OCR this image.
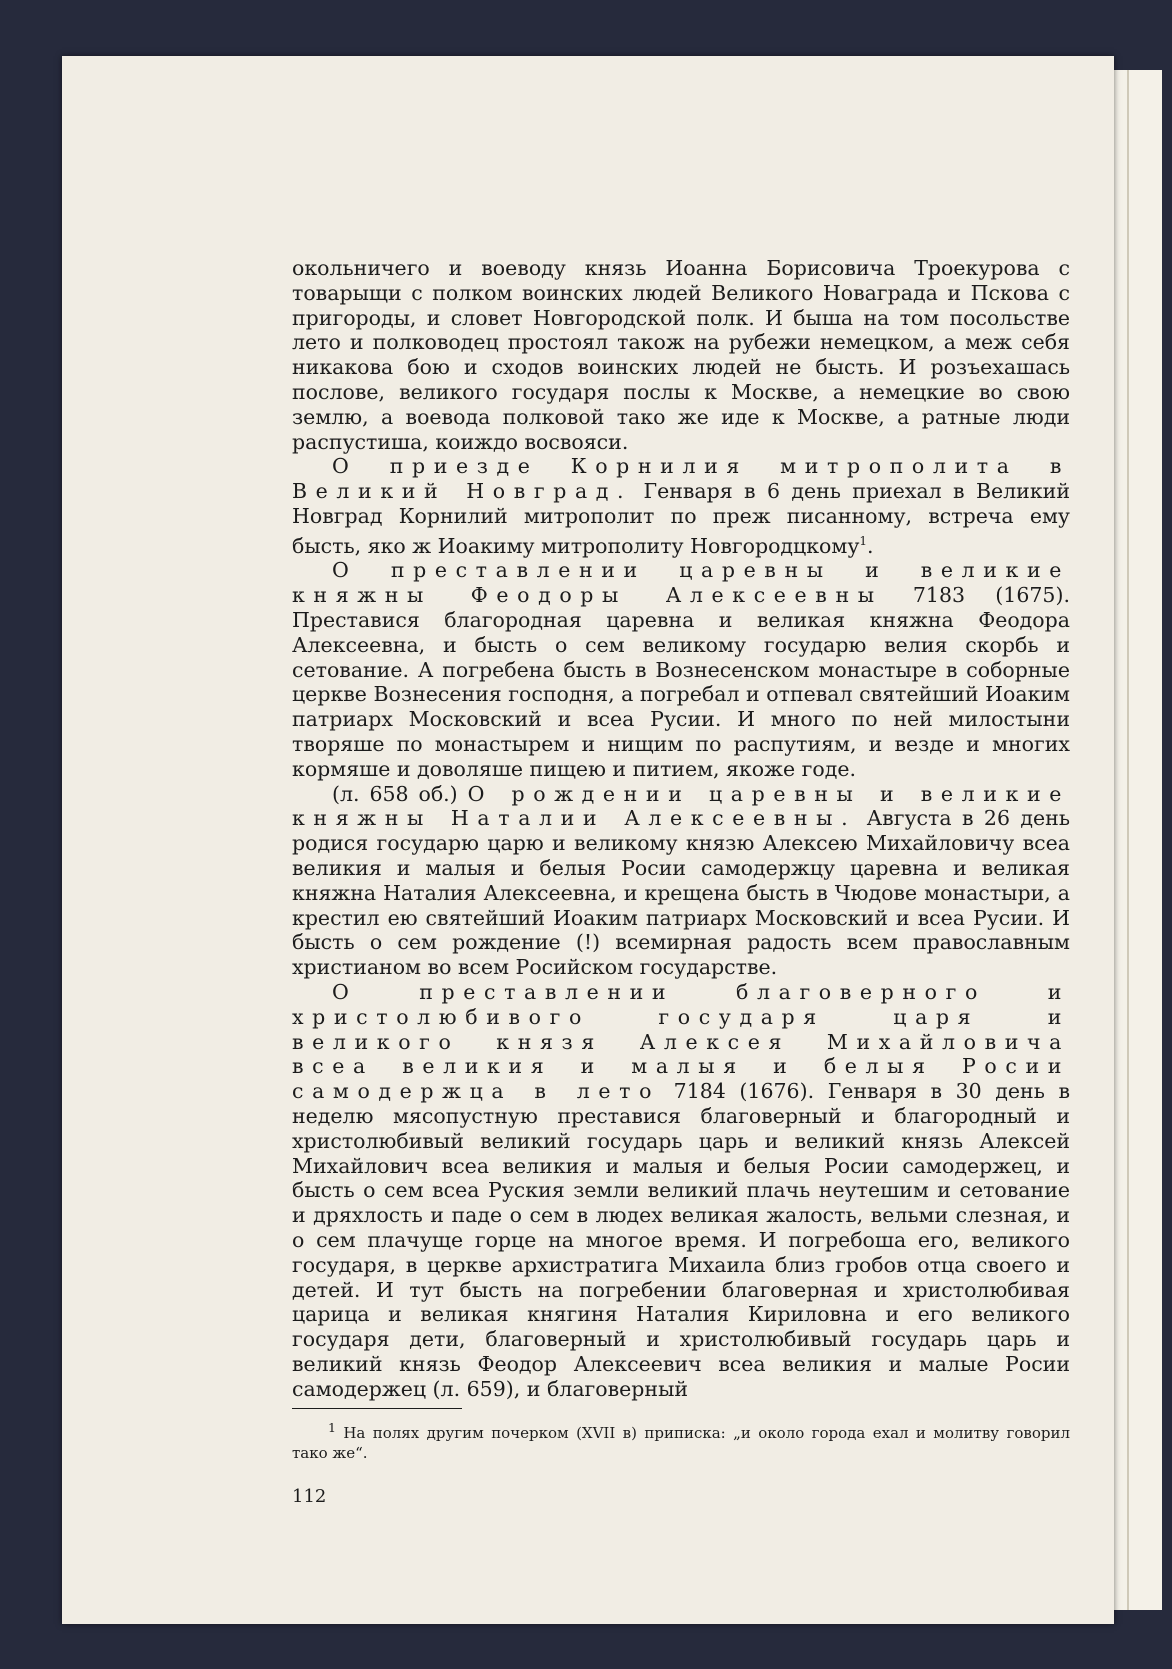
окольничего и воеводу князь Иоанна Борисовича Троекурова с товарыщи с полком воинских людей Великого Новаграда и Пскова с пригороды, и словет Новгородской полк. И быша на том посольстве лето и полководец простоял також на рубежи немецком, а меж себя никакова бою и сходов воинских людей не бысть. И розъехашась послове, великого государя послы к Москве, а немецкие во свою землю, а воевода полковой тако же иде к Москве, а ратные люди распустиша, коиждо восвояси.

О приезде Корнилия митрополита в Великий Новград. Генваря в 6 день приехал в Великий Новград Корнилий митрополит по преж писанному, встреча ему бысть, яко ж Иоакиму митрополиту Новгородцкому$^1$.

О преставлении царевны и великие княжны Феодоры Алексеевны 7183 (1675). Преставися благородная царевна и великая княжна Феодора Алексеевна, и бысть о сем великому государю велия скорбь и сетование. А погребена бысть в Вознесенском монастыре в соборные церкве Вознесения господня, а погребал и отпевал святейший Иоаким патриарх Московский и всеа Русии. И много по ней милостыни творяше по монастырем и нищим по распутиям, и везде и многих кормяше и доволяше пищею и питием, якоже годе.

(л. 658 об.) О рождении царевны и великие княжны Наталии Алексеевны. Августа в 26 день родися государю царю и великому князю Алексею Михайловичу всеа великия и малыя и белыя Росии самодержцу царевна и великая княжна Наталия Алексеевна, и крещена бысть в Чюдове монастыри, а крестил ею святейший Иоаким патриарх Московский и всеа Русии. И бысть о сем рождение (!) всемирная радость всем православным христианом во всем Росийском государстве.

О преставлении благоверного и христолюбивого государя царя и великого князя Алексея Михайловича всеа великия и малыя и белыя Росии самодержца в лето 7184 (1676). Генваря в 30 день в неделю мясопустную преставися благоверный и благородный и христолюбивый великий государь царь и великий князь Алексей Михайлович всеа великия и малыя и белыя Росии самодержец, и бысть о сем всеа Руския земли великий плачь неутешим и сетование и дряхлость и паде о сем в людех великая жалость, вельми слезная, и о сем плачуще горце на многое время. И погребоша его, великого государя, в церкве архистратига Михаила близ гробов отца своего и детей. И тут бысть на погребении благоверная и христолюбивая царица и великая княгиня Наталия Кириловна и его великого государя дети, благоверный и христолюбивый государь царь и великий князь Феодор Алексеевич всеа великия и малые Росии самодержец (л. 659), и благоверный

$^1$ На полях другим почерком (XVII в) приписка: „и около города ехал и молитву говорил тако же“.
112
